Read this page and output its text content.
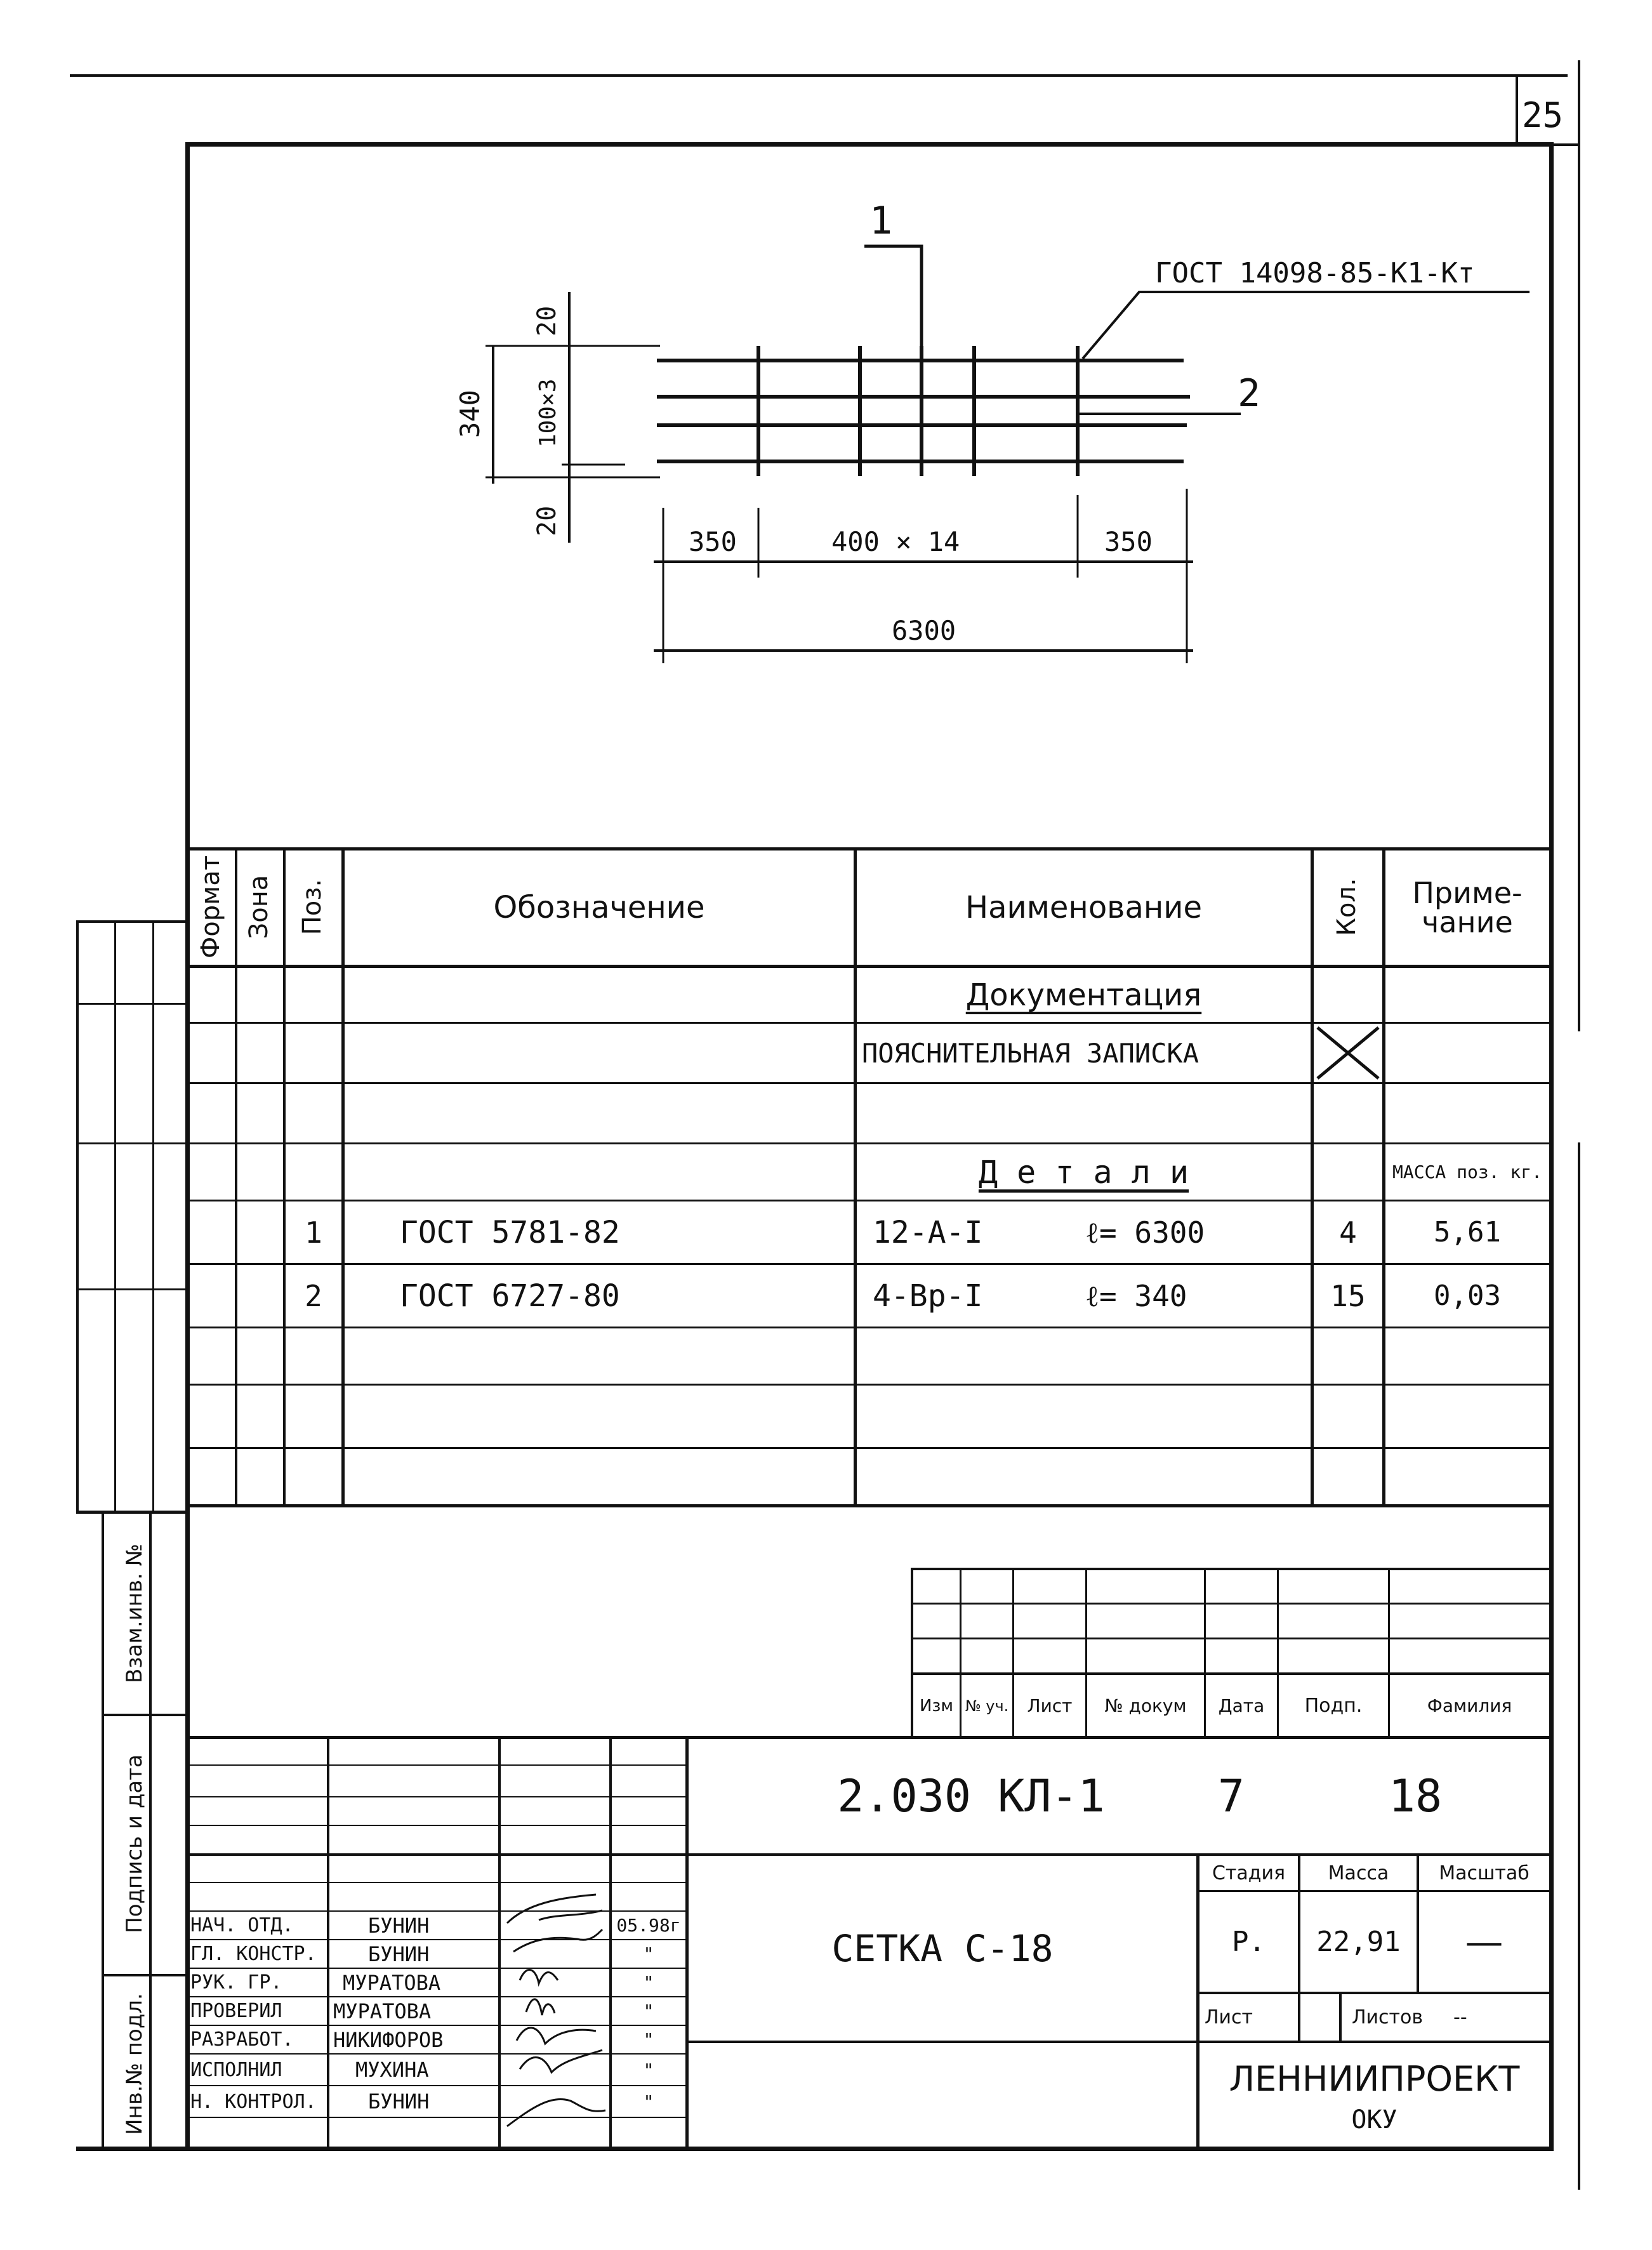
25
1
2
ГОСТ 14098-85-К1-Кт
350	400 × 14	350
6300
340
20
100×3
20
Формат Зона Поз.	Обозначение	Наименование	Кол.	Приме-
чание
Документация
ПОЯСНИТЕЛЬНАЯ ЗАПИСКА
Д е т а л и	МАССА поз. кг.
1	ГОСТ 5781-82	12-А-I	ℓ= 6300	4	5,61
2	ГОСТ 6727-80	4-Вр-I	ℓ= 340	15	0,03
Взам.инв. №
Подпись и дата
Инв.№ подл.
Изм № уч.	Лист	№ докум	Дата	Подп.	Фамилия
НАЧ. ОТД.	БУНИН	05.98г
ГЛ. КОНСТР.	БУНИН	"
РУК. ГР.	МУРАТОВА	"
ПРОВЕРИЛ	МУРАТОВА	"
РАЗРАБОТ.	НИКИФОРОВ	"
ИСПОЛНИЛ	МУХИНА	"
Н. КОНТРОЛ.	БУНИН	"
2.030 КЛ-1	7	18
СЕТКА С-18
Стадия	Масса	Масштаб
Р.	22,91	—
Лист	Листов	--
ЛЕННИИПРОЕКТ
ОКУ
